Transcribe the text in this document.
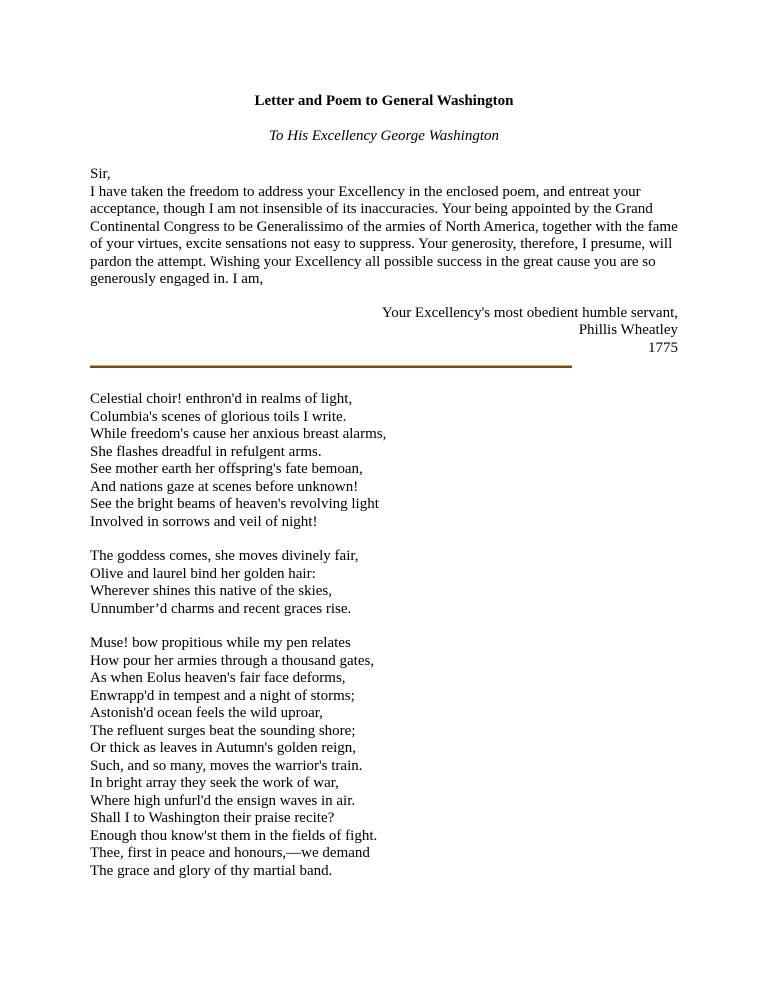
Letter and Poem to General Washington
To His Excellency George Washington
Sir,
I have taken the freedom to address your Excellency in the enclosed poem, and entreat your acceptance, though I am not insensible of its inaccuracies. Your being appointed by the Grand Continental Congress to be Generalissimo of the armies of North America, together with the fame of your virtues, excite sensations not easy to suppress. Your generosity, therefore, I presume, will pardon the attempt. Wishing your Excellency all possible success in the great cause you are so generously engaged in. I am,
Your Excellency's most obedient humble servant,
Phillis Wheatley
1775
Celestial choir! enthron'd in realms of light,
Columbia's scenes of glorious toils I write.
While freedom's cause her anxious breast alarms,
She flashes dreadful in refulgent arms.
See mother earth her offspring's fate bemoan,
And nations gaze at scenes before unknown!
See the bright beams of heaven's revolving light
Involved in sorrows and veil of night!
The goddess comes, she moves divinely fair,
Olive and laurel bind her golden hair:
Wherever shines this native of the skies,
Unnumber’d charms and recent graces rise.
Muse! bow propitious while my pen relates
How pour her armies through a thousand gates,
As when Eolus heaven's fair face deforms,
Enwrapp'd in tempest and a night of storms;
Astonish'd ocean feels the wild uproar,
The refluent surges beat the sounding shore;
Or thick as leaves in Autumn's golden reign,
Such, and so many, moves the warrior's train.
In bright array they seek the work of war,
Where high unfurl'd the ensign waves in air.
Shall I to Washington their praise recite?
Enough thou know'st them in the fields of fight.
Thee, first in peace and honours,—we demand
The grace and glory of thy martial band.
